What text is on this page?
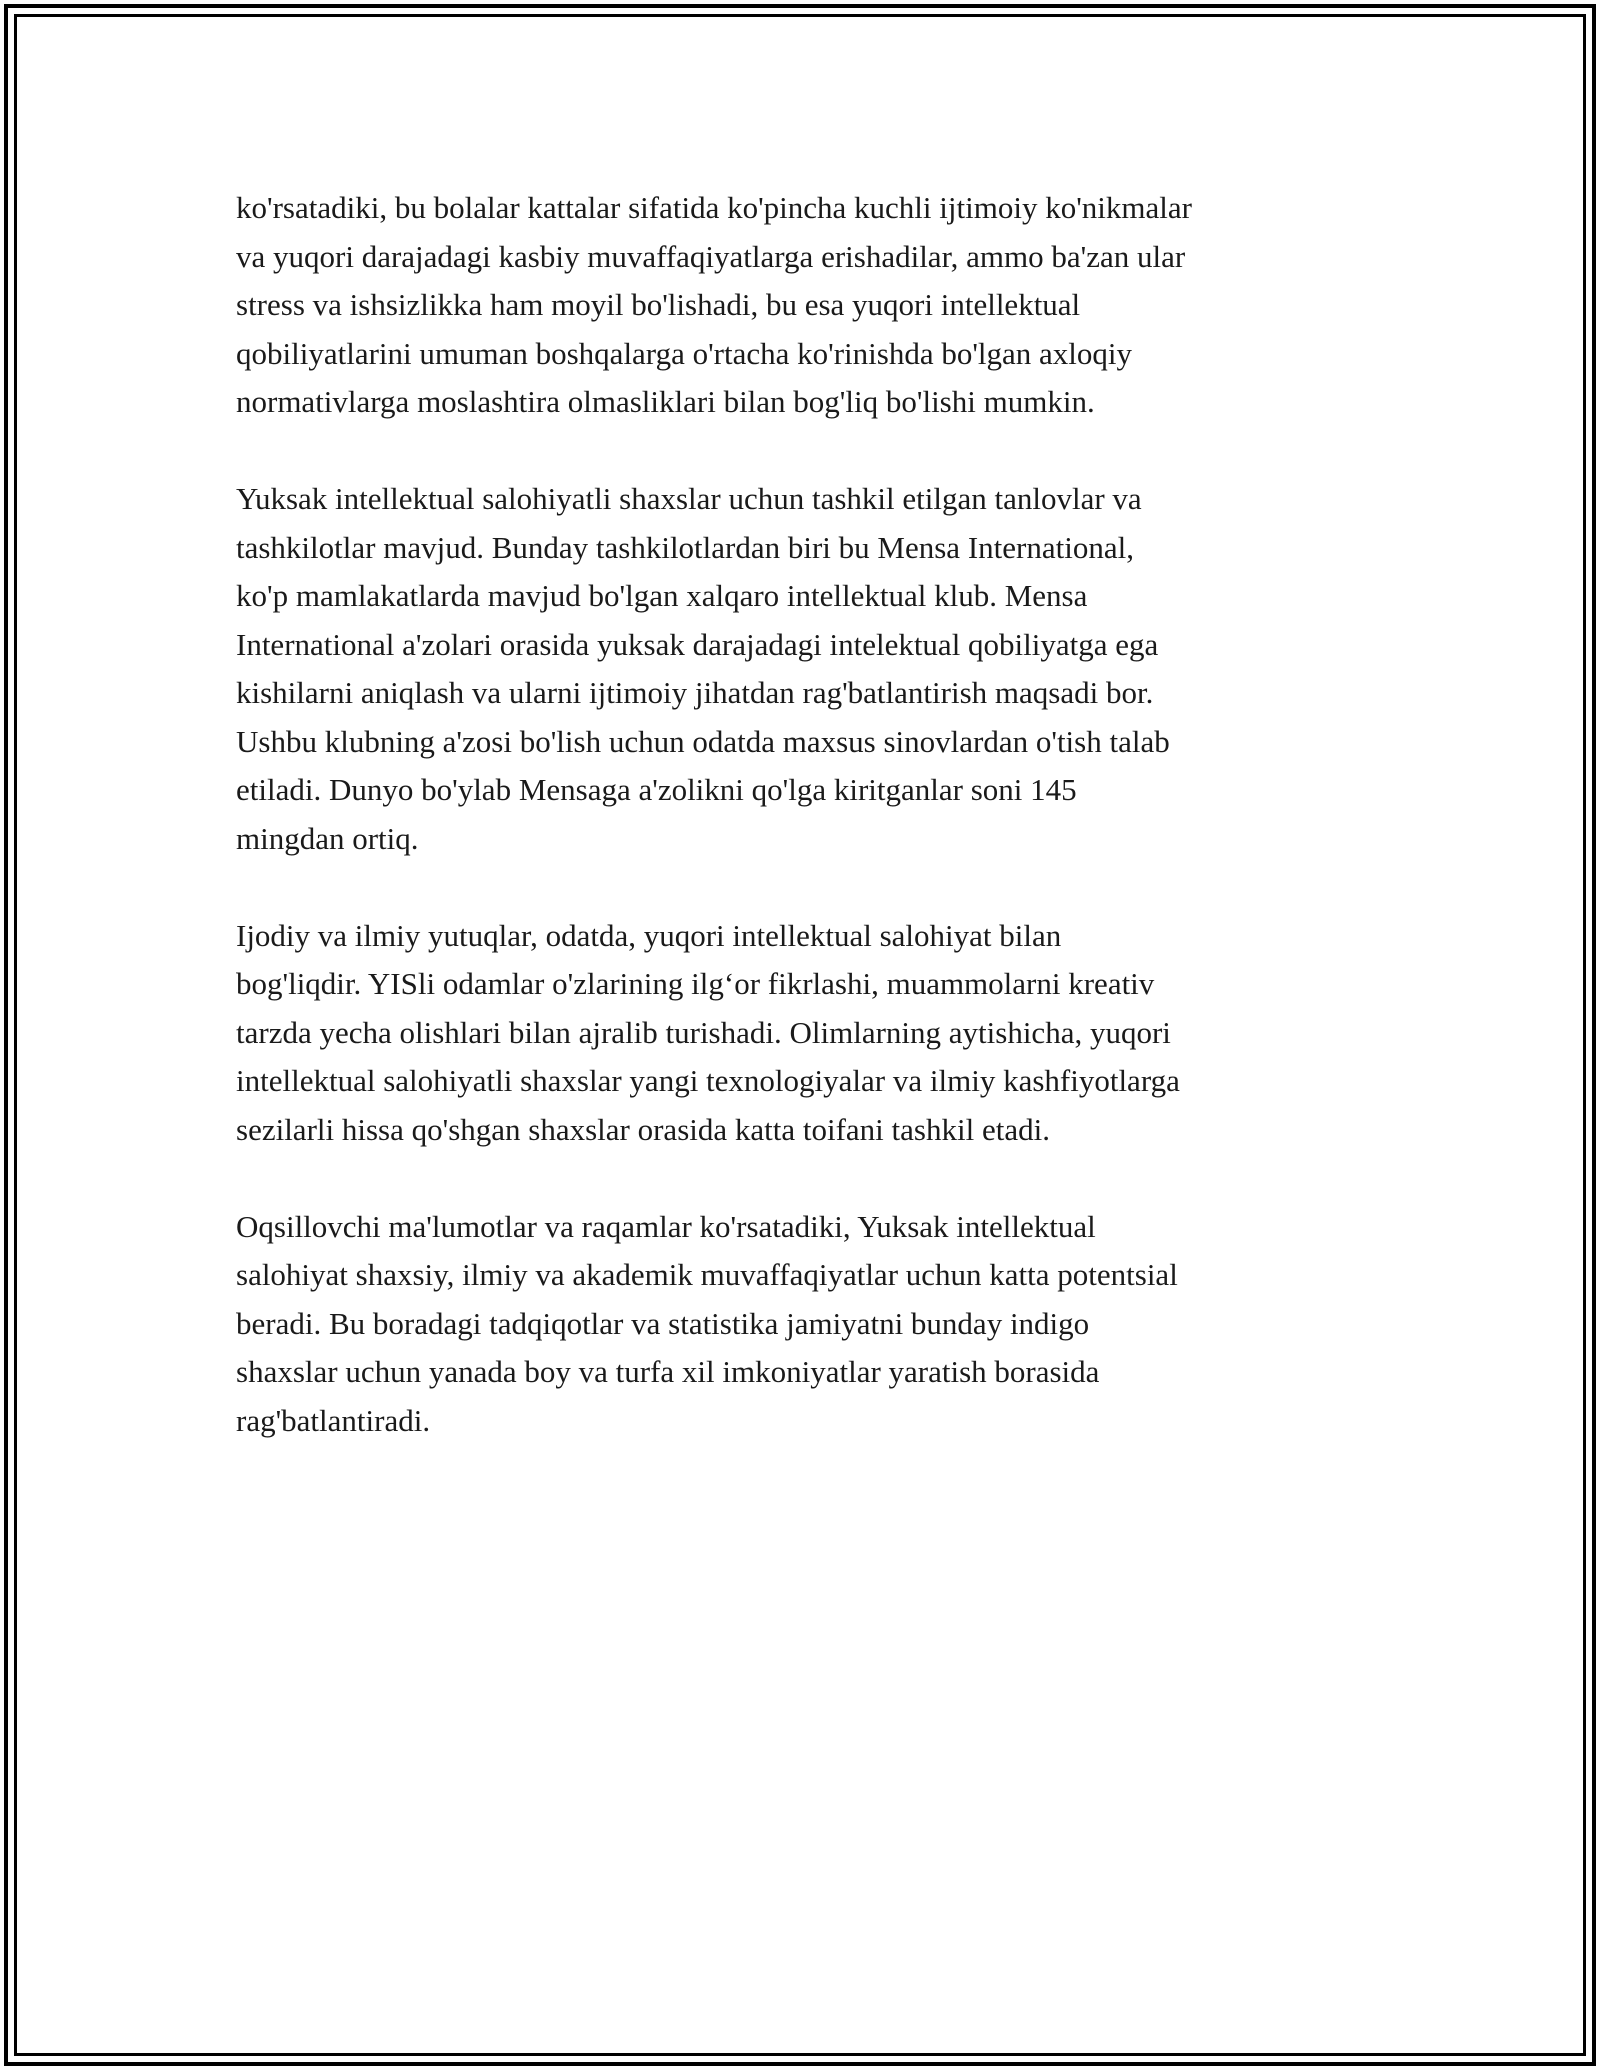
ko'rsatadiki, bu bolalar kattalar sifatida ko'pincha kuchli ijtimoiy ko'nikmalar
va yuqori darajadagi kasbiy muvaffaqiyatlarga erishadilar, ammo ba'zan ular
stress va ishsizlikka ham moyil bo'lishadi, bu esa yuqori intellektual
qobiliyatlarini umuman boshqalarga o'rtacha ko'rinishda bo'lgan axloqiy
normativlarga moslashtira olmasliklari bilan bog'liq bo'lishi mumkin.

Yuksak intellektual salohiyatli shaxslar uchun tashkil etilgan tanlovlar va
tashkilotlar mavjud. Bunday tashkilotlardan biri bu Mensa International,
ko'p mamlakatlarda mavjud bo'lgan xalqaro intellektual klub. Mensa
International a'zolari orasida yuksak darajadagi intelektual qobiliyatga ega
kishilarni aniqlash va ularni ijtimoiy jihatdan rag'batlantirish maqsadi bor.
Ushbu klubning a'zosi bo'lish uchun odatda maxsus sinovlardan o'tish talab
etiladi. Dunyo bo'ylab Mensaga a'zolikni qo'lga kiritganlar soni 145
mingdan ortiq.

Ijodiy va ilmiy yutuqlar, odatda, yuqori intellektual salohiyat bilan
bog'liqdir. YISli odamlar o'zlarining ilg‘or fikrlashi, muammolarni kreativ
tarzda yecha olishlari bilan ajralib turishadi. Olimlarning aytishicha, yuqori
intellektual salohiyatli shaxslar yangi texnologiyalar va ilmiy kashfiyotlarga
sezilarli hissa qo'shgan shaxslar orasida katta toifani tashkil etadi.

Oqsillovchi ma'lumotlar va raqamlar ko'rsatadiki, Yuksak intellektual
salohiyat shaxsiy, ilmiy va akademik muvaffaqiyatlar uchun katta potentsial
beradi. Bu boradagi tadqiqotlar va statistika jamiyatni bunday indigo
shaxslar uchun yanada boy va turfa xil imkoniyatlar yaratish borasida
rag'batlantiradi.
